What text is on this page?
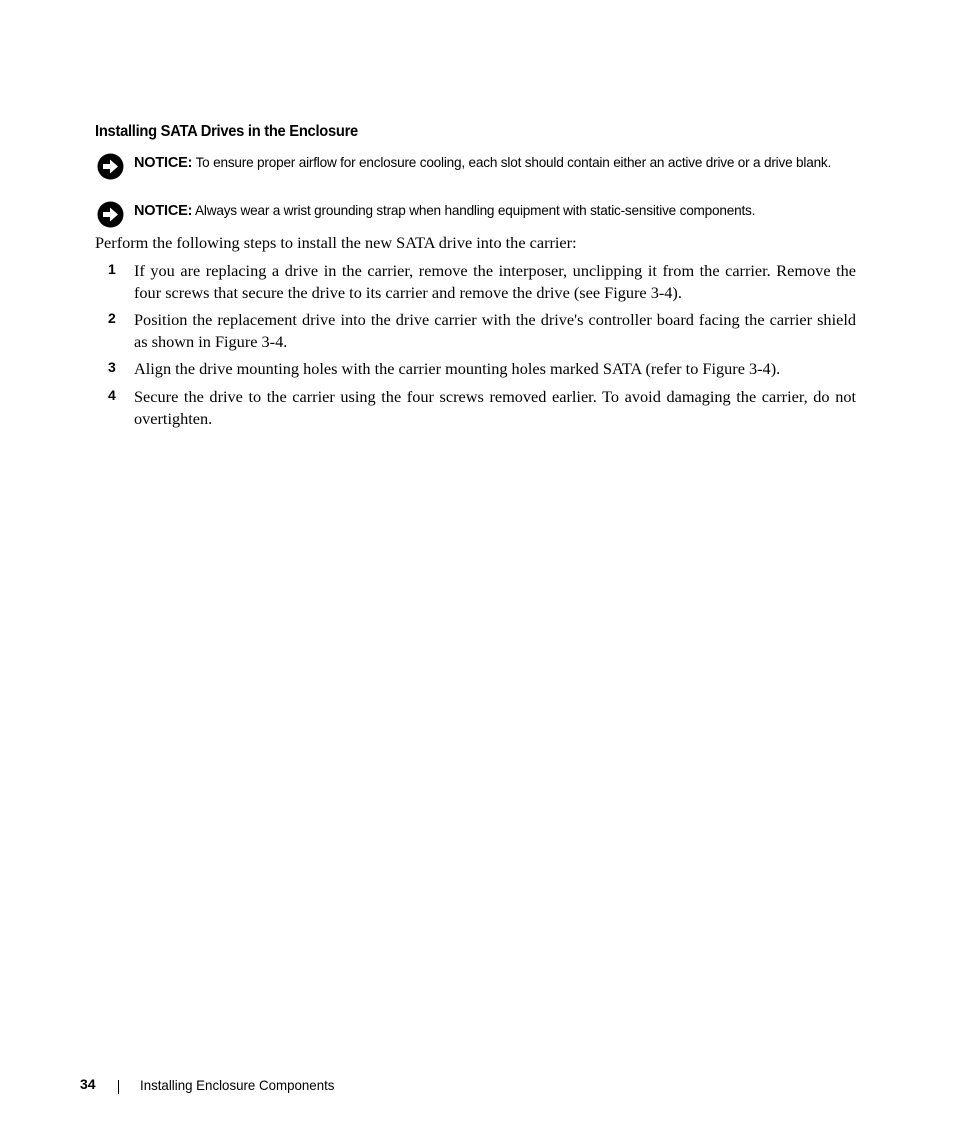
Installing SATA Drives in the Enclosure
NOTICE: To ensure proper airflow for enclosure cooling, each slot should contain either an active drive or a drive blank.
NOTICE: Always wear a wrist grounding strap when handling equipment with static-sensitive components.
Perform the following steps to install the new SATA drive into the carrier:
1 If you are replacing a drive in the carrier, remove the interposer, unclipping it from the carrier. Remove the four screws that secure the drive to its carrier and remove the drive (see Figure 3-4).
2 Position the replacement drive into the drive carrier with the drive's controller board facing the carrier shield as shown in Figure 3-4.
3 Align the drive mounting holes with the carrier mounting holes marked SATA (refer to Figure 3-4).
4 Secure the drive to the carrier using the four screws removed earlier. To avoid damaging the carrier, do not overtighten.
34	Installing Enclosure Components
